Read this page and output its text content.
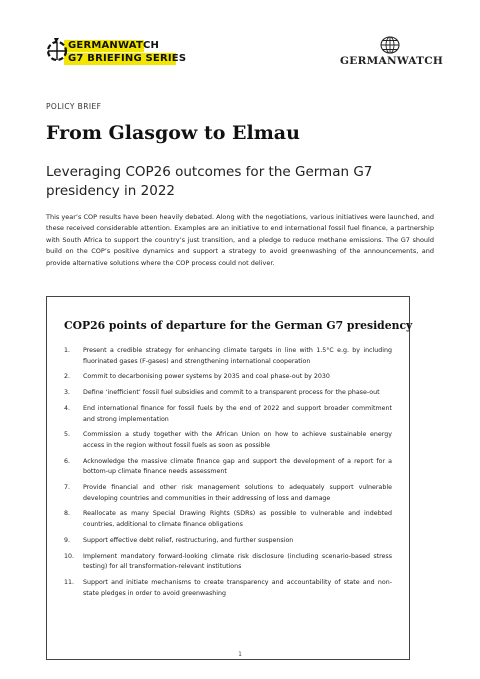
GERMANWATCH
G7 BRIEFING SERIES	GERMANWATCH
POLICY BRIEF
From Glasgow to Elmau
Leveraging COP26 outcomes for the German G7 presidency in 2022

This year’s COP results have been heavily debated. Along with the negotiations, various initiatives were launched, and these received considerable attention. Examples are an initiative to end international fossil fuel finance, a partnership with South Africa to support the country’s just transition, and a pledge to reduce methane emissions. The G7 should build on the COP’s positive dynamics and support a strategy to avoid greenwashing of the announcements, and provide alternative solutions where the COP process could not deliver.

COP26 points of departure for the German G7 presidency
1.	Present a credible strategy for enhancing climate targets in line with 1.5°C e.g. by including fluorinated gases (F-gases) and strengthening international cooperation
2.	Commit to decarbonising power systems by 2035 and coal phase-out by 2030
3.	Define ‘inefficient’ fossil fuel subsidies and commit to a transparent process for the phase-out
4.	End international finance for fossil fuels by the end of 2022 and support broader commitment and strong implementation
5.	Commission a study together with the African Union on how to achieve sustainable energy access in the region without fossil fuels as soon as possible
6.	Acknowledge the massive climate finance gap and support the development of a report for a bottom-up climate finance needs assessment
7.	Provide financial and other risk management solutions to adequately support vulnerable developing countries and communities in their addressing of loss and damage
8.	Reallocate as many Special Drawing Rights (SDRs) as possible to vulnerable and indebted countries, additional to climate finance obligations
9.	Support effective debt relief, restructuring, and further suspension
10.	Implement mandatory forward-looking climate risk disclosure (including scenario-based stress testing) for all transformation-relevant institutions
11.	Support and initiate mechanisms to create transparency and accountability of state and non-state pledges in order to avoid greenwashing
1
